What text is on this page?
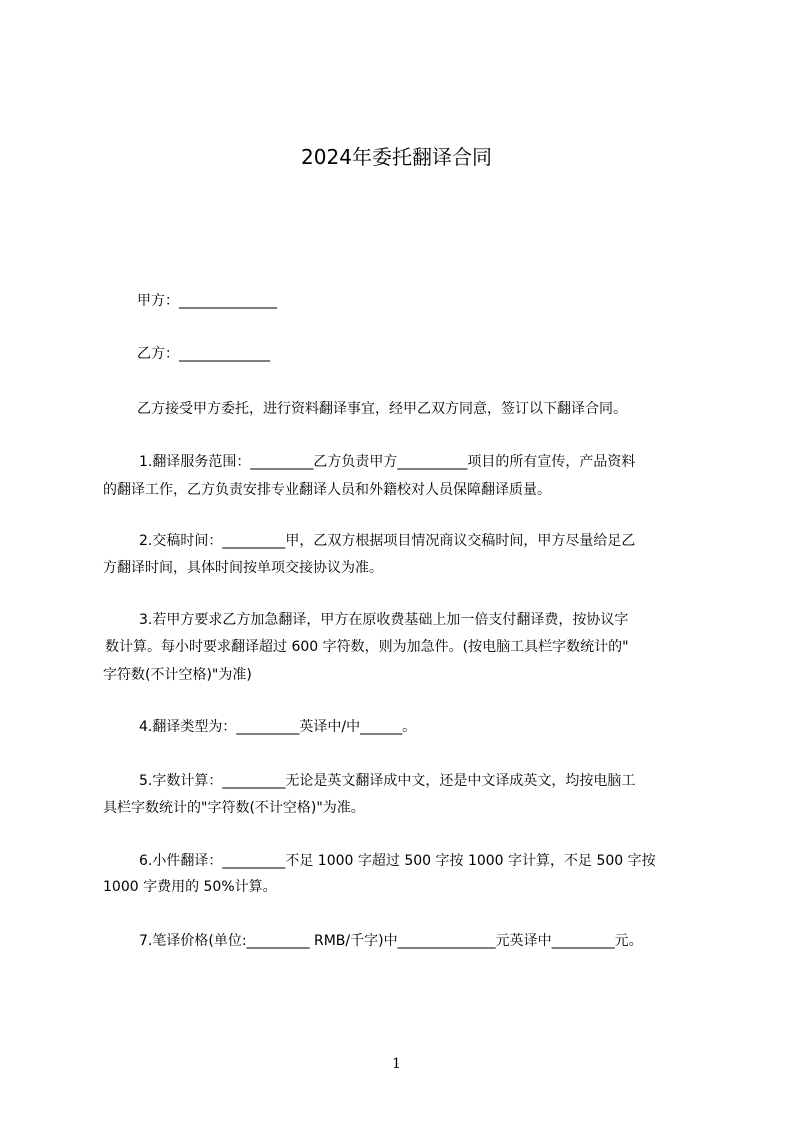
2024年委托翻译合同
甲方：______________
乙方：_____________
乙方接受甲方委托，进行资料翻译事宜，经甲乙双方同意，签订以下翻译合同。
1.翻译服务范围：_________乙方负责甲方__________项目的所有宣传，产品资料
的翻译工作，乙方负责安排专业翻译人员和外籍校对人员保障翻译质量。
2.交稿时间：_________甲，乙双方根据项目情况商议交稿时间，甲方尽量给足乙
方翻译时间，具体时间按单项交接协议为准。
3.若甲方要求乙方加急翻译，甲方在原收费基础上加一倍支付翻译费，按协议字
数计算。每小时要求翻译超过 600 字符数，则为加急件。(按电脑工具栏字数统计的"
字符数(不计空格)"为准)
4.翻译类型为：_________英译中/中______。
5.字数计算：_________无论是英文翻译成中文，还是中文译成英文，均按电脑工
具栏字数统计的"字符数(不计空格)"为准。
6.小件翻译：_________不足 1000 字超过 500 字按 1000 字计算，不足 500 字按
1000 字费用的 50%计算。
7.笔译价格(单位:_________ RMB/千字)中______________元英译中_________元。
1
